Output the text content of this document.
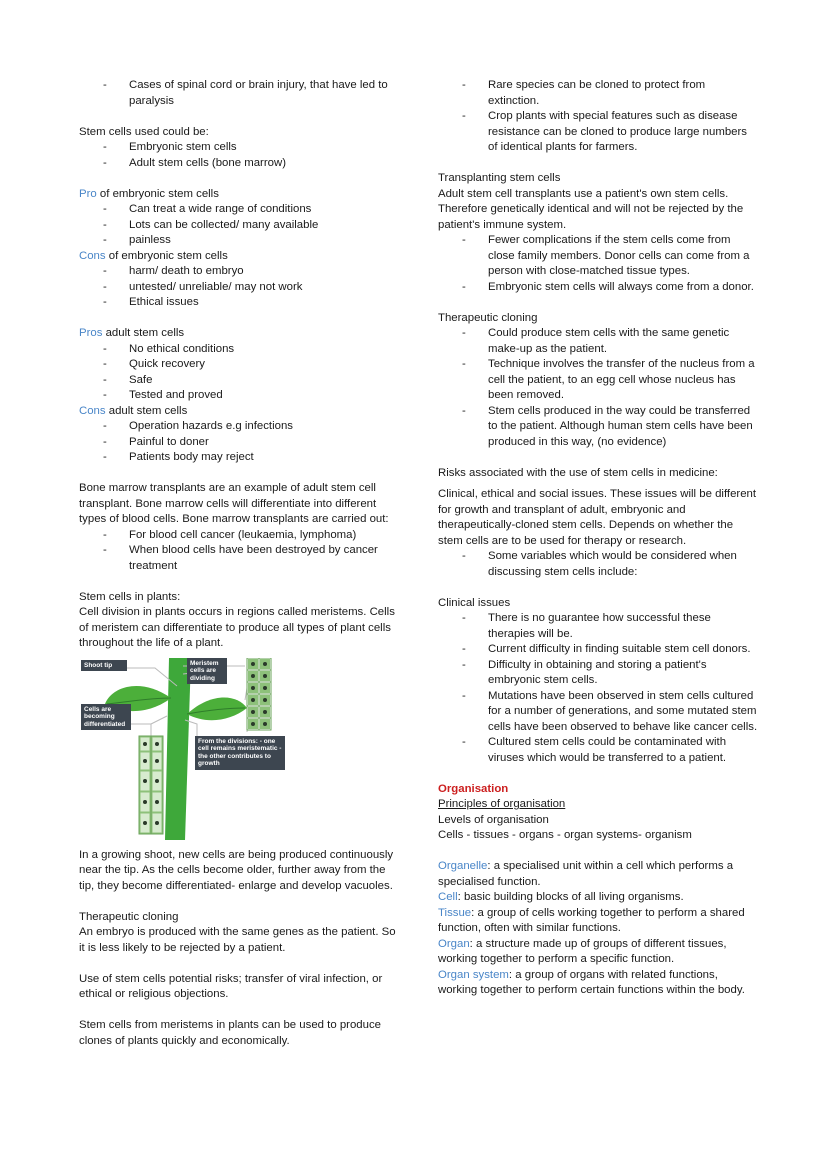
- Cases of spinal cord or brain injury, that have led to paralysis

Stem cells used could be:

- Embryonic stem cells
- Adult stem cells (bone marrow)

Pro of embryonic stem cells

- Can treat a wide range of conditions
- Lots can be collected/ many available
- painless

Cons of embryonic stem cells

- harm/ death to embryo
- untested/ unreliable/ may not work
- Ethical issues

Pros adult stem cells

- No ethical conditions
- Quick recovery
- Safe
- Tested and proved

Cons adult stem cells

- Operation hazards e.g infections
- Painful to doner
- Patients body may reject

Bone marrow transplants are an example of adult stem cell transplant. Bone marrow cells will differentiate into different types of blood cells. Bone marrow transplants are carried out:

- For blood cell cancer (leukaemia, lymphoma)
- When blood cells have been destroyed by cancer treatment

Stem cells in plants:

Cell division in plants occurs in regions called meristems. Cells of meristem can differentiate to produce all types of plant cells throughout the life of a plant.

Shoot tip	Meristem cells are dividing
Cells are becoming differentiated
From the divisions: - one cell remains meristematic - the other contributes to growth

In a growing shoot, new cells are being produced continuously near the tip. As the cells become older, further away from the tip, they become differentiated- enlarge and develop vacuoles.

Therapeutic cloning

An embryo is produced with the same genes as the patient. So it is less likely to be rejected by a patient.

Use of stem cells potential risks; transfer of viral infection, or ethical or religious objections.

Stem cells from meristems in plants can be used to produce clones of plants quickly and economically.

- Rare species can be cloned to protect from extinction.
- Crop plants with special features such as disease resistance can be cloned to produce large numbers of identical plants for farmers.

Transplanting stem cells

Adult stem cell transplants use a patient's own stem cells. Therefore genetically identical and will not be rejected by the patient's immune system.

- Fewer complications if the stem cells come from close family members. Donor cells can come from a person with close-matched tissue types.
- Embryonic stem cells will always come from a donor.

Therapeutic cloning

- Could produce stem cells with the same genetic make-up as the patient.
- Technique involves the transfer of the nucleus from a cell the patient, to an egg cell whose nucleus has been removed.
- Stem cells produced in the way could be transferred to the patient. Although human stem cells have been produced in this way, (no evidence)

Risks associated with the use of stem cells in medicine:

Clinical, ethical and social issues. These issues will be different for growth and transplant of adult, embryonic and therapeutically-cloned stem cells. Depends on whether the stem cells are to be used for therapy or research.

- Some variables which would be considered when discussing stem cells include:

Clinical issues

- There is no guarantee how successful these therapies will be.
- Current difficulty in finding suitable stem cell donors.
- Difficulty in obtaining and storing a patient's embryonic stem cells.
- Mutations have been observed in stem cells cultured for a number of generations, and some mutated stem cells have been observed to behave like cancer cells.
- Cultured stem cells could be contaminated with viruses which would be transferred to a patient.

Organisation

Principles of organisation

Levels of organisation

Cells - tissues - organs - organ systems- organism

Organelle: a specialised unit within a cell which performs a specialised function.

Cell: basic building blocks of all living organisms.

Tissue: a group of cells working together to perform a shared function, often with similar functions.

Organ: a structure made up of groups of different tissues, working together to perform a specific function.

Organ system: a group of organs with related functions, working together to perform certain functions within the body.
